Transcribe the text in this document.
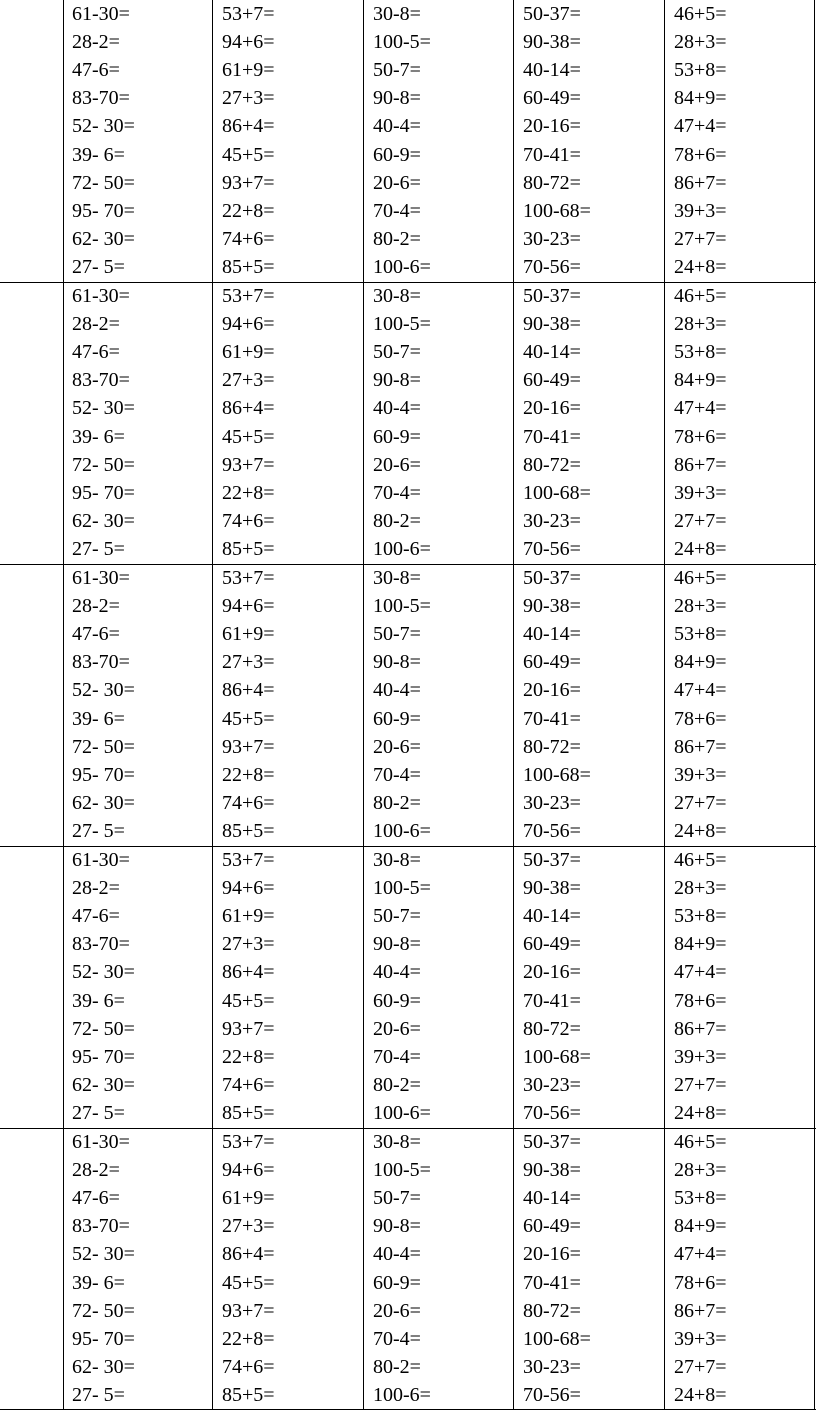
61-30=
28-2=
47-6=
83-70=
52- 30=
39- 6=
72- 50=
95- 70=
62- 30=
27- 5=
53+7=
94+6=
61+9=
27+3=
86+4=
45+5=
93+7=
22+8=
74+6=
85+5=
30-8=
100-5=
50-7=
90-8=
40-4=
60-9=
20-6=
70-4=
80-2=
100-6=
50-37=
90-38=
40-14=
60-49=
20-16=
70-41=
80-72=
100-68=
30-23=
70-56=
46+5=
28+3=
53+8=
84+9=
47+4=
78+6=
86+7=
39+3=
27+7=
24+8=
61-30=
28-2=
47-6=
83-70=
52- 30=
39- 6=
72- 50=
95- 70=
62- 30=
27- 5=
53+7=
94+6=
61+9=
27+3=
86+4=
45+5=
93+7=
22+8=
74+6=
85+5=
30-8=
100-5=
50-7=
90-8=
40-4=
60-9=
20-6=
70-4=
80-2=
100-6=
50-37=
90-38=
40-14=
60-49=
20-16=
70-41=
80-72=
100-68=
30-23=
70-56=
46+5=
28+3=
53+8=
84+9=
47+4=
78+6=
86+7=
39+3=
27+7=
24+8=
61-30=
28-2=
47-6=
83-70=
52- 30=
39- 6=
72- 50=
95- 70=
62- 30=
27- 5=
53+7=
94+6=
61+9=
27+3=
86+4=
45+5=
93+7=
22+8=
74+6=
85+5=
30-8=
100-5=
50-7=
90-8=
40-4=
60-9=
20-6=
70-4=
80-2=
100-6=
50-37=
90-38=
40-14=
60-49=
20-16=
70-41=
80-72=
100-68=
30-23=
70-56=
46+5=
28+3=
53+8=
84+9=
47+4=
78+6=
86+7=
39+3=
27+7=
24+8=
61-30=
28-2=
47-6=
83-70=
52- 30=
39- 6=
72- 50=
95- 70=
62- 30=
27- 5=
53+7=
94+6=
61+9=
27+3=
86+4=
45+5=
93+7=
22+8=
74+6=
85+5=
30-8=
100-5=
50-7=
90-8=
40-4=
60-9=
20-6=
70-4=
80-2=
100-6=
50-37=
90-38=
40-14=
60-49=
20-16=
70-41=
80-72=
100-68=
30-23=
70-56=
46+5=
28+3=
53+8=
84+9=
47+4=
78+6=
86+7=
39+3=
27+7=
24+8=
61-30=
28-2=
47-6=
83-70=
52- 30=
39- 6=
72- 50=
95- 70=
62- 30=
27- 5=
53+7=
94+6=
61+9=
27+3=
86+4=
45+5=
93+7=
22+8=
74+6=
85+5=
30-8=
100-5=
50-7=
90-8=
40-4=
60-9=
20-6=
70-4=
80-2=
100-6=
50-37=
90-38=
40-14=
60-49=
20-16=
70-41=
80-72=
100-68=
30-23=
70-56=
46+5=
28+3=
53+8=
84+9=
47+4=
78+6=
86+7=
39+3=
27+7=
24+8=
